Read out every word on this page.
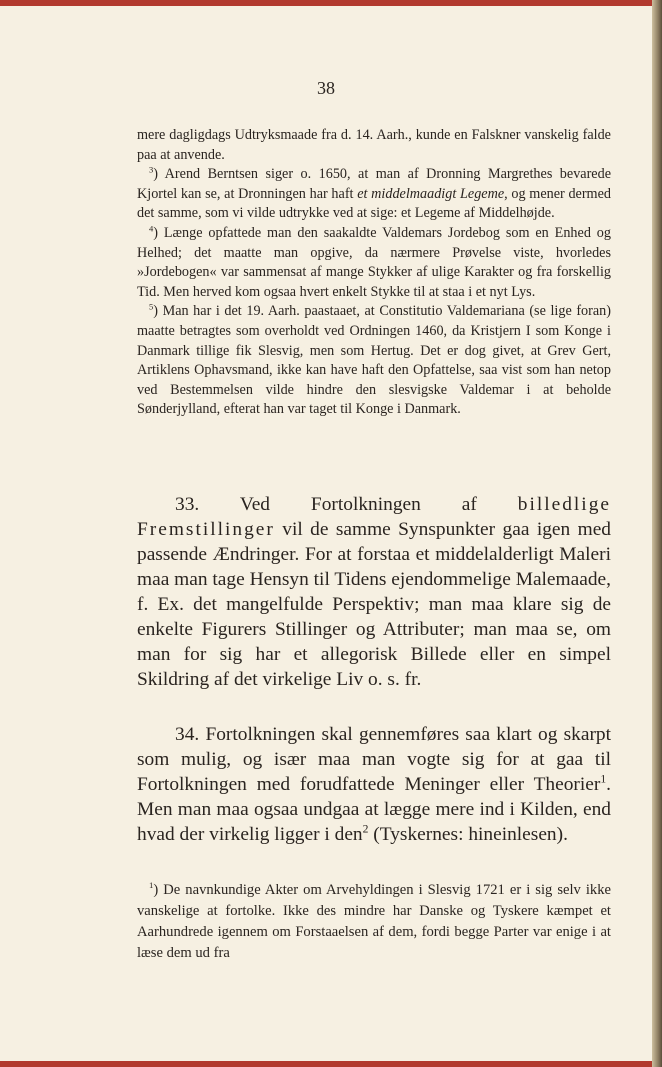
38

mere dagligdags Udtryksmaade fra d. 14. Aarh., kunde en Falskner vanskelig falde paa at anvende.

$^3$) Arend Berntsen siger o. 1650, at man af Dronning Margrethes bevarede Kjortel kan se, at Dronningen har haft et middelmaadigt Legeme, og mener dermed det samme, som vi vilde udtrykke ved at sige: et Legeme af Middelhøjde.

$^4$) Længe opfattede man den saakaldte Valdemars Jordebog som en Enhed og Helhed; det maatte man opgive, da nærmere Prøvelse viste, hvorledes »Jordebogen« var sammensat af mange Stykker af ulige Karakter og fra forskellig Tid. Men herved kom ogsaa hvert enkelt Stykke til at staa i et nyt Lys.

$^5$) Man har i det 19. Aarh. paastaaet, at Constitutio Valdemariana (se lige foran) maatte betragtes som overholdt ved Ordningen 1460, da Kristjern I som Konge i Danmark tillige fik Slesvig, men som Hertug. Det er dog givet, at Grev Gert, Artiklens Ophavsmand, ikke kan have haft den Opfattelse, saa vist som han netop ved Bestemmelsen vilde hindre den slesvigske Valdemar i at beholde Sønderjylland, efterat han var taget til Konge i Danmark.

33. Ved Fortolkningen af billedlige Fremstillinger vil de samme Synspunkter gaa igen med passende Ændringer. For at forstaa et middelalderligt Maleri maa man tage Hensyn til Tidens ejendommelige Malemaade, f. Ex. det mangelfulde Perspektiv; man maa klare sig de enkelte Figurers Stillinger og Attributer; man maa se, om man for sig har et allegorisk Billede eller en simpel Skildring af det virkelige Liv o. s. fr.

34. Fortolkningen skal gennemføres saa klart og skarpt som mulig, og især maa man vogte sig for at gaa til Fortolkningen med forudfattede Meninger eller Theorier$^1$. Men man maa ogsaa undgaa at lægge mere ind i Kilden, end hvad der virkelig ligger i den$^2$ (Tyskernes: hineinlesen).

$^1$) De navnkundige Akter om Arvehyldingen i Slesvig 1721 er i sig selv ikke vanskelige at fortolke. Ikke des mindre har Danske og Tyskere kæmpet et Aarhundrede igennem om Forstaaelsen af dem, fordi begge Parter var enige i at læse dem ud fra
